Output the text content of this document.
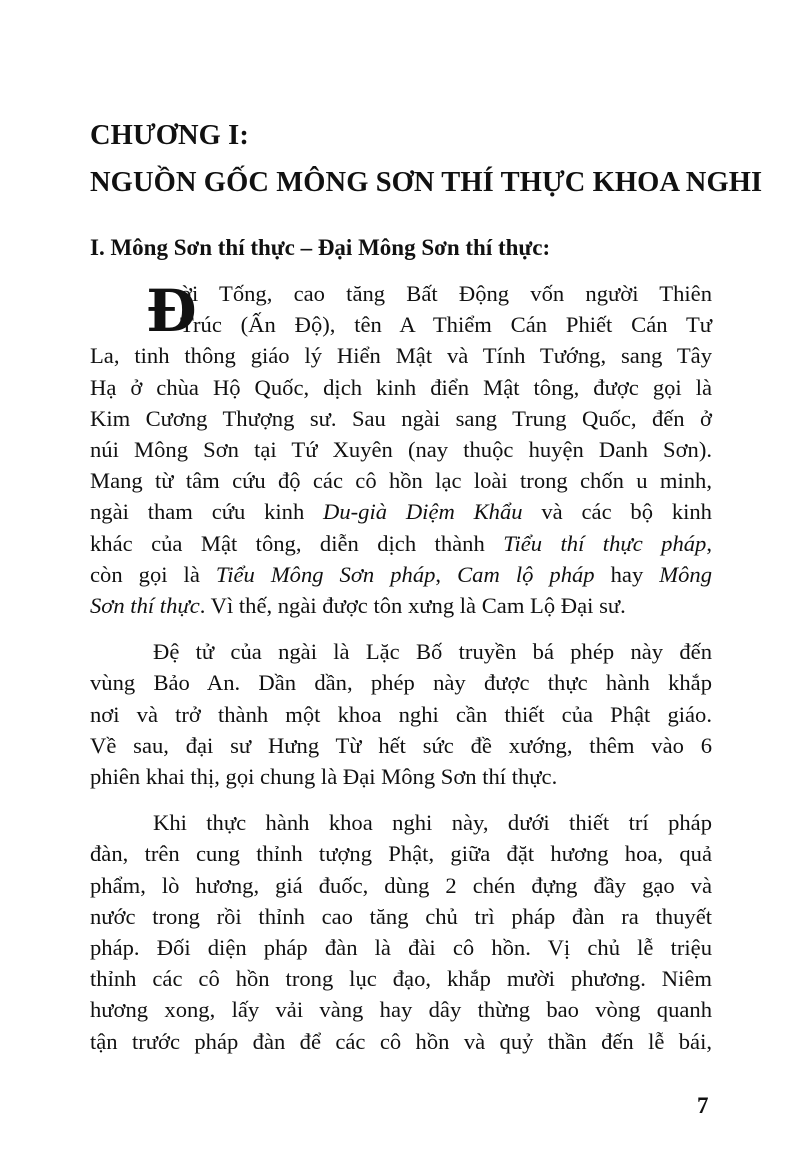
CHƯƠNG I:
NGUỒN GỐC MÔNG SƠN THÍ THỰC KHOA NGHI
I. Mông Sơn thí thực – Đại Mông Sơn thí thực:
Đ
ời Tống, cao tăng Bất Động vốn người Thiên
Trúc (Ấn Độ), tên A Thiểm Cán Phiết Cán Tư
La, tinh thông giáo lý Hiển Mật và Tính Tướng, sang Tây
Hạ ở chùa Hộ Quốc, dịch kinh điển Mật tông, được gọi là
Kim Cương Thượng sư. Sau ngài sang Trung Quốc, đến ở
núi Mông Sơn tại Tứ Xuyên (nay thuộc huyện Danh Sơn).
Mang từ tâm cứu độ các cô hồn lạc loài trong chốn u minh,
ngài tham cứu kinh Du-già Diệm Khẩu và các bộ kinh
khác của Mật tông, diễn dịch thành Tiểu thí thực pháp,
còn gọi là Tiểu Mông Sơn pháp, Cam lộ pháp hay Mông
Sơn thí thực. Vì thế, ngài được tôn xưng là Cam Lộ Đại sư.
Đệ tử của ngài là Lặc Bố truyền bá phép này đến
vùng Bảo An. Dần dần, phép này được thực hành khắp
nơi và trở thành một khoa nghi cần thiết của Phật giáo.
Về sau, đại sư Hưng Từ hết sức đề xướng, thêm vào 6
phiên khai thị, gọi chung là Đại Mông Sơn thí thực.
Khi thực hành khoa nghi này, dưới thiết trí pháp
đàn, trên cung thỉnh tượng Phật, giữa đặt hương hoa, quả
phẩm, lò hương, giá đuốc, dùng 2 chén đựng đầy gạo và
nước trong rồi thỉnh cao tăng chủ trì pháp đàn ra thuyết
pháp. Đối diện pháp đàn là đài cô hồn. Vị chủ lễ triệu
thỉnh các cô hồn trong lục đạo, khắp mười phương. Niêm
hương xong, lấy vải vàng hay dây thừng bao vòng quanh
tận trước pháp đàn để các cô hồn và quỷ thần đến lễ bái,
7
